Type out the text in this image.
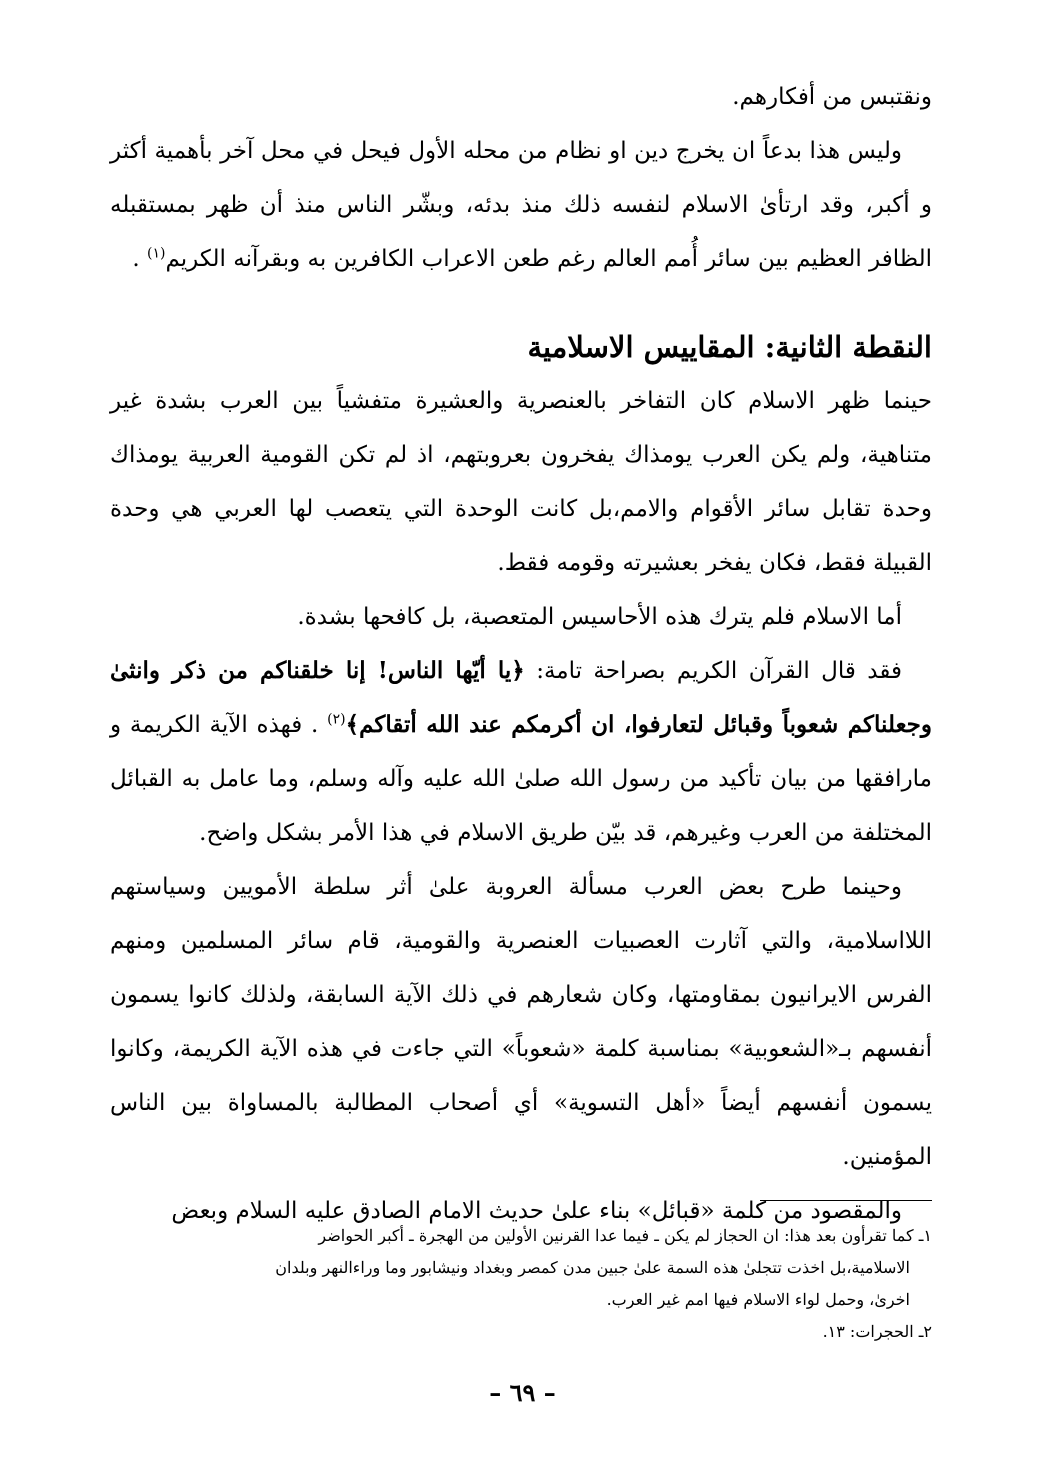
ونقتبس من أفكارهم.

وليس هذا بدعاً ان يخرج دين او نظام من محله الأول فيحل في محل آخر بأهمية أكثر و أكبر، وقد ارتأىٰ الاسلام لنفسه ذلك منذ بدئه، وبشّر الناس منذ أن ظهر بمستقبله الظافر العظيم بين سائر أُمم العالم رغم طعن الاعراب الكافرين به وبقرآنه الكريم$^{(١)}$ .

النقطة الثانية: المقاييس الاسلامية

حينما ظهر الاسلام كان التفاخر بالعنصرية والعشيرة متفشياً بين العرب بشدة غير متناهية، ولم يكن العرب يومذاك يفخرون بعروبتهم، اذ لم تكن القومية العربية يومذاك وحدة تقابل سائر الأقوام والامم،بل كانت الوحدة التي يتعصب لها العربي هي وحدة القبيلة فقط، فكان يفخر بعشيرته وقومه فقط.

أما الاسلام فلم يترك هذه الأحاسيس المتعصبة، بل كافحها بشدة.

فقد قال القرآن الكريم بصراحة تامة: ﴿يا أيّها الناس! إنا خلقناكم من ذكر وانثىٰ وجعلناكم شعوباً وقبائل لتعارفوا، ان أكرمكم عند الله أتقاكم﴾$^{(٢)}$ . فهذه الآية الكريمة و مارافقها من بيان تأكيد من رسول الله صلىٰ الله عليه وآله وسلم، وما عامل به القبائل المختلفة من العرب وغيرهم، قد بيّن طريق الاسلام في هذا الأمر بشكل واضح.

وحينما طرح بعض العرب مسألة العروبة علىٰ أثر سلطة الأمويين وسياستهم اللااسلامية، والتي آثارت العصبيات العنصرية والقومية، قام سائر المسلمين ومنهم الفرس الايرانيون بمقاومتها، وكان شعارهم في ذلك الآية السابقة، ولذلك كانوا يسمون أنفسهم بـ«الشعوبية» بمناسبة كلمة «شعوباً» التي جاءت في هذه الآية الكريمة، وكانوا يسمون أنفسهم أيضاً «أهل التسوية» أي أصحاب المطالبة بالمساواة بين الناس المؤمنين.

والمقصود من كلمة «قبائل» بناء علىٰ حديث الامام الصادق عليه السلام وبعض

١ـ كما تقرأون بعد هذا: ان الحجاز لم يكن ـ فيما عدا القرنين الأولين من الهجرة ـ أكبر الحواضر

الاسلامية،بل اخذت تتجلىٰ هذه السمة علىٰ جبين مدن كمصر وبغداد ونيشابور وما وراءالنهر وبلدان

اخرىٰ، وحمل لواء الاسلام فيها امم غير العرب.

٢ـ الحجرات: ١٣.

– ٦٩ –
